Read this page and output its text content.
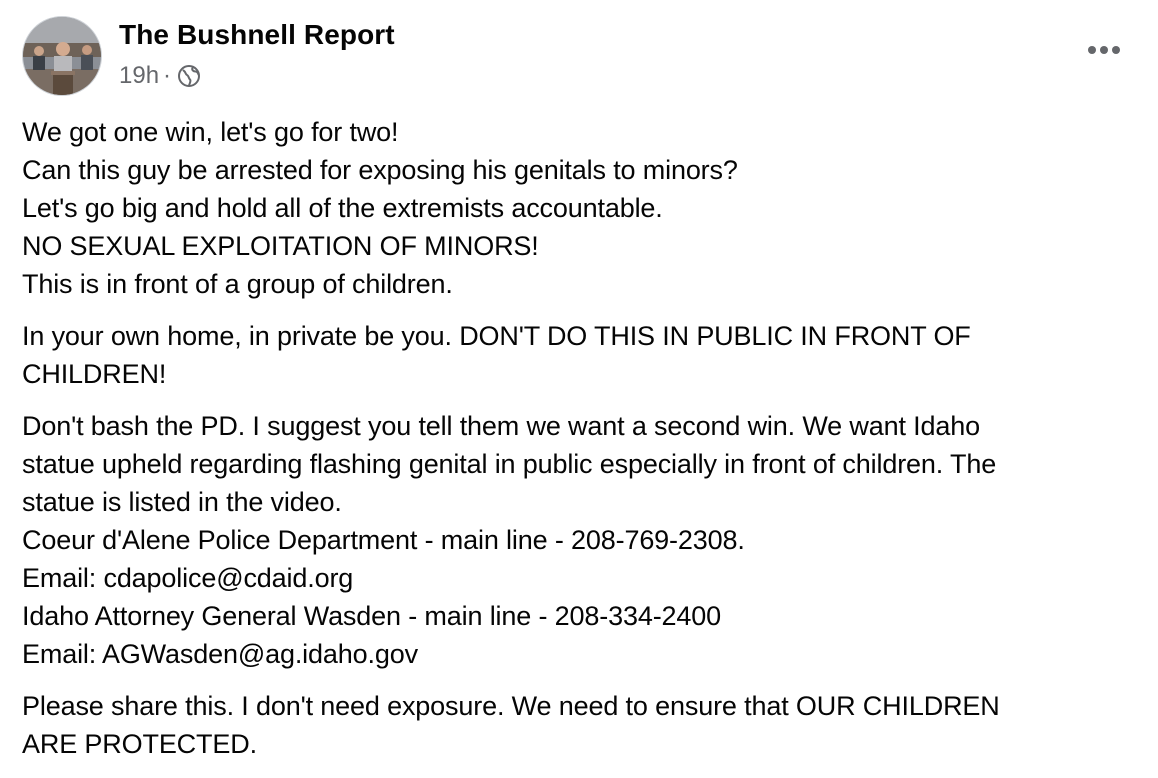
The Bushnell Report
19h ·

We got one win, let's go for two!
Can this guy be arrested for exposing his genitals to minors?
Let's go big and hold all of the extremists accountable.
NO SEXUAL EXPLOITATION OF MINORS!
This is in front of a group of children.

In your own home, in private be you. DON'T DO THIS IN PUBLIC IN FRONT OF
CHILDREN!

Don't bash the PD. I suggest you tell them we want a second win. We want Idaho
statue upheld regarding flashing genital in public especially in front of children. The
statue is listed in the video.
Coeur d'Alene Police Department - main line - 208-769-2308.
Email: cdapolice@cdaid.org
Idaho Attorney General Wasden - main line - 208-334-2400
Email: AGWasden@ag.idaho.gov

Please share this. I don't need exposure. We need to ensure that OUR CHILDREN
ARE PROTECTED.
